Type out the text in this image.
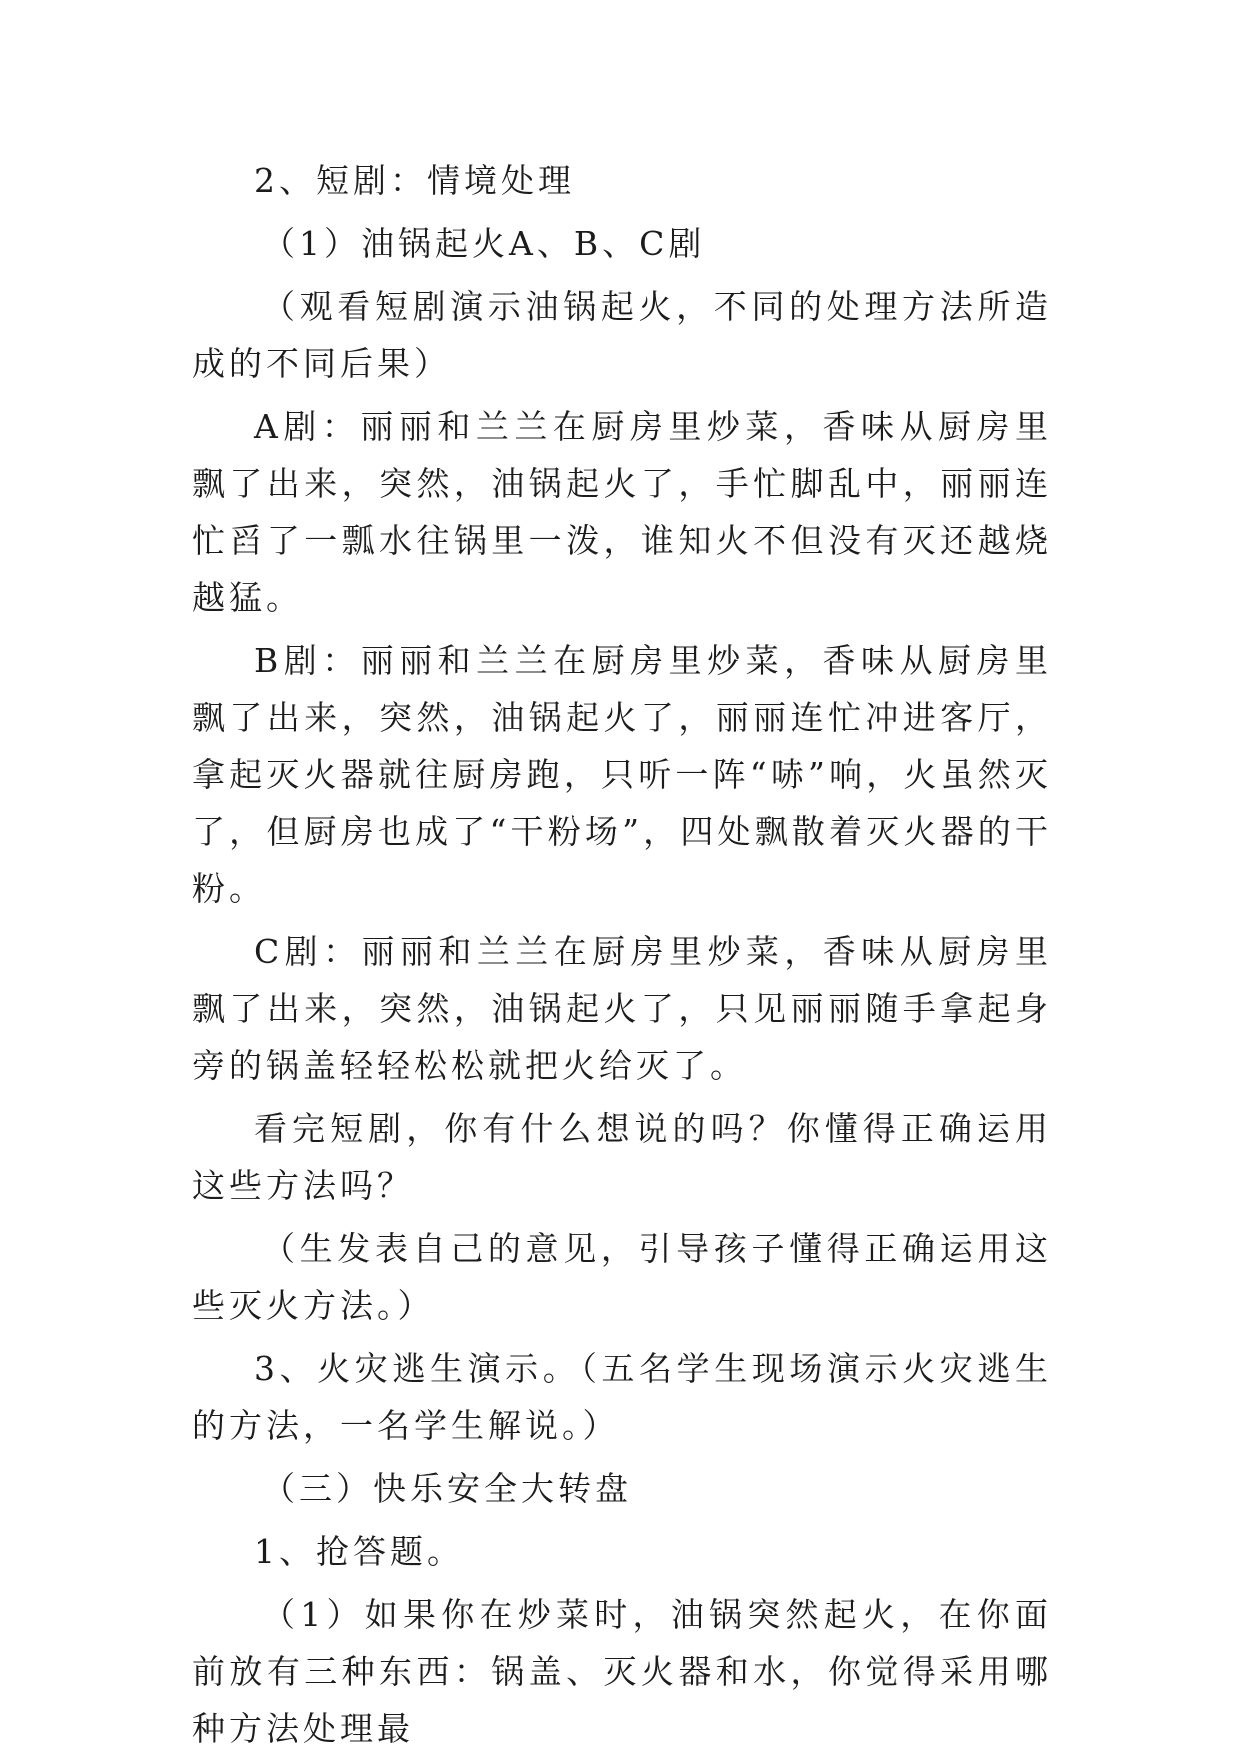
2、短剧：情境处理

（1）油锅起火A、B、C剧

（观看短剧演示油锅起火，不同的处理方法所造成的不同后果）

A剧：丽丽和兰兰在厨房里炒菜，香味从厨房里飘了出来，突然，油锅起火了，手忙脚乱中，丽丽连忙舀了一瓢水往锅里一泼，谁知火不但没有灭还越烧越猛。

B剧：丽丽和兰兰在厨房里炒菜，香味从厨房里飘了出来，突然，油锅起火了，丽丽连忙冲进客厅，拿起灭火器就往厨房跑，只听一阵“哧”响，火虽然灭了，但厨房也成了“干粉场”，四处飘散着灭火器的干粉。

C剧：丽丽和兰兰在厨房里炒菜，香味从厨房里飘了出来，突然，油锅起火了，只见丽丽随手拿起身旁的锅盖轻轻松松就把火给灭了。

看完短剧，你有什么想说的吗？你懂得正确运用这些方法吗？

（生发表自己的意见，引导孩子懂得正确运用这些灭火方法。）

3、火灾逃生演示。（五名学生现场演示火灾逃生的方法，一名学生解说。）

（三）快乐安全大转盘

1、抢答题。

（1）如果你在炒菜时，油锅突然起火，在你面前放有三种东西：锅盖、灭火器和水，你觉得采用哪种方法处理最
